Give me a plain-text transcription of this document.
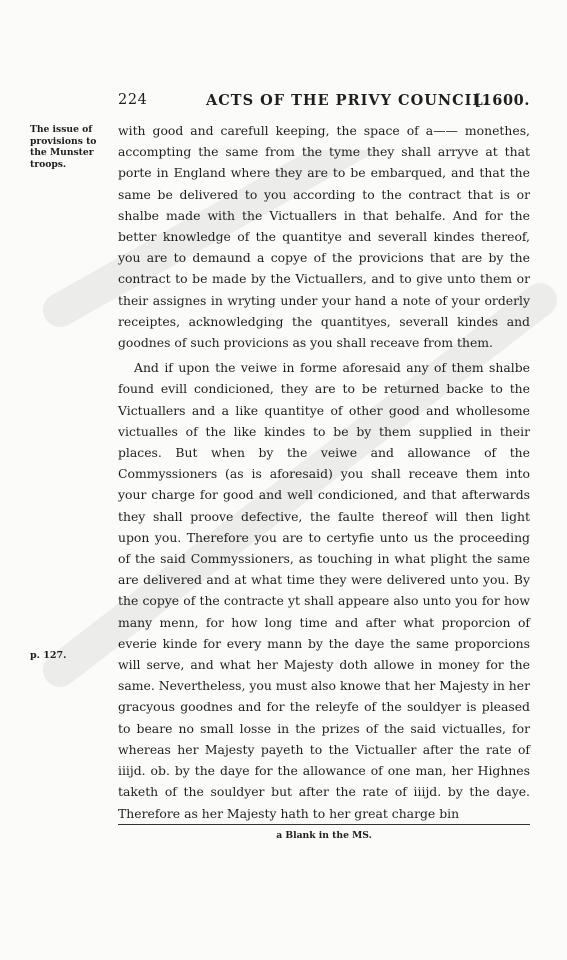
224	ACTS OF THE PRIVY COUNCIL.
[1600.
The issue of provisions to the Munster troops.
p. 127.

with good and carefull keeping, the space of a—— monethes, accompting the same from the tyme they shall arryve at that porte in England where they are to be embarqued, and that the same be delivered to you according to the contract that is or shalbe made with the Victuallers in that behalfe. And for the better knowledge of the quantitye and severall kindes thereof, you are to demaund a copye of the provicions that are by the contract to be made by the Victuallers, and to give unto them or their assignes in wryting under your hand a note of your orderly receiptes, acknowledging the quantityes, severall kindes and goodnes of such provicions as you shall receave from them.

And if upon the veiwe in forme aforesaid any of them shalbe found evill condicioned, they are to be returned backe to the Victuallers and a like quantitye of other good and whollesome victualles of the like kindes to be by them supplied in their places. But when by the veiwe and allowance of the Commyssioners (as is aforesaid) you shall receave them into your charge for good and well condicioned, and that afterwards they shall proove defective, the faulte thereof will then light upon you. Therefore you are to certyfie unto us the proceeding of the said Commyssioners, as touching in what plight the same are delivered and at what time they were delivered unto you. By the copye of the contracte yt shall appeare also unto you for how many menn, for how long time and after what proporcion of everie kinde for every mann by the daye the same proporcions will serve, and what her Majesty doth allowe in money for the same. Nevertheless, you must also knowe that her Majesty in her gracyous goodnes and for the releyfe of the souldyer is pleased to beare no small losse in the prizes of the said victualles, for whereas her Majesty payeth to the Victualler after the rate of iiijd. ob. by the daye for the allowance of one man, her Highnes taketh of the souldyer but after the rate of iiijd. by the daye. Therefore as her Majesty hath to her great charge bin

a Blank in the MS.
